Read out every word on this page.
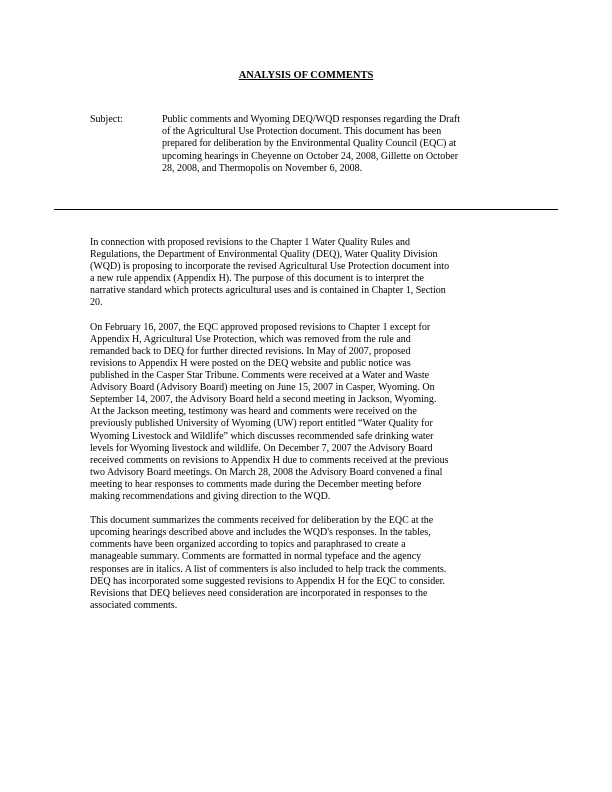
ANALYSIS OF COMMENTS
Subject:	Public comments and Wyoming DEQ/WQD responses regarding the Draft
of the Agricultural Use Protection document. This document has been
prepared for deliberation by the Environmental Quality Council (EQC) at
upcoming hearings in Cheyenne on October 24, 2008, Gillette on October
28, 2008, and Thermopolis on November 6, 2008.

In connection with proposed revisions to the Chapter 1 Water Quality Rules and
Regulations, the Department of Environmental Quality (DEQ), Water Quality Division
(WQD) is proposing to incorporate the revised Agricultural Use Protection document into
a new rule appendix (Appendix H). The purpose of this document is to interpret the
narrative standard which protects agricultural uses and is contained in Chapter 1, Section
20.

On February 16, 2007, the EQC approved proposed revisions to Chapter 1 except for
Appendix H, Agricultural Use Protection, which was removed from the rule and
remanded back to DEQ for further directed revisions. In May of 2007, proposed
revisions to Appendix H were posted on the DEQ website and public notice was
published in the Casper Star Tribune. Comments were received at a Water and Waste
Advisory Board (Advisory Board) meeting on June 15, 2007 in Casper, Wyoming. On
September 14, 2007, the Advisory Board held a second meeting in Jackson, Wyoming.
At the Jackson meeting, testimony was heard and comments were received on the
previously published University of Wyoming (UW) report entitled “Water Quality for
Wyoming Livestock and Wildlife” which discusses recommended safe drinking water
levels for Wyoming livestock and wildlife. On December 7, 2007 the Advisory Board
received comments on revisions to Appendix H due to comments received at the previous
two Advisory Board meetings. On March 28, 2008 the Advisory Board convened a final
meeting to hear responses to comments made during the December meeting before
making recommendations and giving direction to the WQD.

This document summarizes the comments received for deliberation by the EQC at the
upcoming hearings described above and includes the WQD's responses. In the tables,
comments have been organized according to topics and paraphrased to create a
manageable summary. Comments are formatted in normal typeface and the agency
responses are in italics. A list of commenters is also included to help track the comments.
DEQ has incorporated some suggested revisions to Appendix H for the EQC to consider.
Revisions that DEQ believes need consideration are incorporated in responses to the
associated comments.
